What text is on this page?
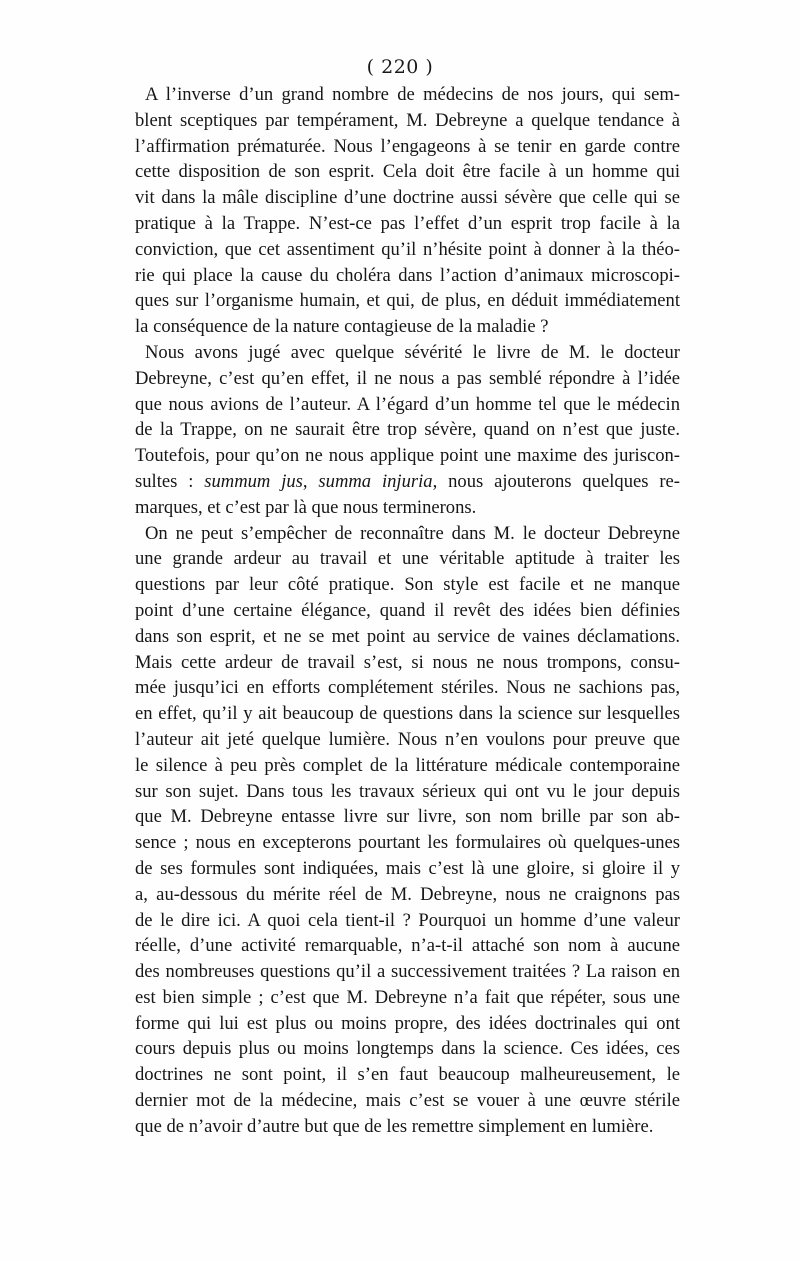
( 220 )

A l’inverse d’un grand nombre de médecins de nos jours, qui sem-
blent sceptiques par tempérament, M. Debreyne a quelque tendance à
l’affirmation prématurée. Nous l’engageons à se tenir en garde contre
cette disposition de son esprit. Cela doit être facile à un homme qui
vit dans la mâle discipline d’une doctrine aussi sévère que celle qui se
pratique à la Trappe. N’est-ce pas l’effet d’un esprit trop facile à la
conviction, que cet assentiment qu’il n’hésite point à donner à la théo-
rie qui place la cause du choléra dans l’action d’animaux microscopi-
ques sur l’organisme humain, et qui, de plus, en déduit immédiatement
la conséquence de la nature contagieuse de la maladie ?

Nous avons jugé avec quelque sévérité le livre de M. le docteur
Debreyne, c’est qu’en effet, il ne nous a pas semblé répondre à l’idée
que nous avions de l’auteur. A l’égard d’un homme tel que le médecin
de la Trappe, on ne saurait être trop sévère, quand on n’est que juste.
Toutefois, pour qu’on ne nous applique point une maxime des juriscon-
sultes : summum jus, summa injuria, nous ajouterons quelques re-
marques, et c’est par là que nous terminerons.

On ne peut s’empêcher de reconnaître dans M. le docteur Debreyne
une grande ardeur au travail et une véritable aptitude à traiter les
questions par leur côté pratique. Son style est facile et ne manque
point d’une certaine élégance, quand il revêt des idées bien définies
dans son esprit, et ne se met point au service de vaines déclamations.
Mais cette ardeur de travail s’est, si nous ne nous trompons, consu-
mée jusqu’ici en efforts complétement stériles. Nous ne sachions pas,
en effet, qu’il y ait beaucoup de questions dans la science sur lesquelles
l’auteur ait jeté quelque lumière. Nous n’en voulons pour preuve que
le silence à peu près complet de la littérature médicale contemporaine
sur son sujet. Dans tous les travaux sérieux qui ont vu le jour depuis
que M. Debreyne entasse livre sur livre, son nom brille par son ab-
sence ; nous en excepterons pourtant les formulaires où quelques-unes
de ses formules sont indiquées, mais c’est là une gloire, si gloire il y
a, au-dessous du mérite réel de M. Debreyne, nous ne craignons pas
de le dire ici. A quoi cela tient-il ? Pourquoi un homme d’une valeur
réelle, d’une activité remarquable, n’a-t-il attaché son nom à aucune
des nombreuses questions qu’il a successivement traitées ? La raison en
est bien simple ; c’est que M. Debreyne n’a fait que répéter, sous une
forme qui lui est plus ou moins propre, des idées doctrinales qui ont
cours depuis plus ou moins longtemps dans la science. Ces idées, ces
doctrines ne sont point, il s’en faut beaucoup malheureusement, le
dernier mot de la médecine, mais c’est se vouer à une œuvre stérile
que de n’avoir d’autre but que de les remettre simplement en lumière.
